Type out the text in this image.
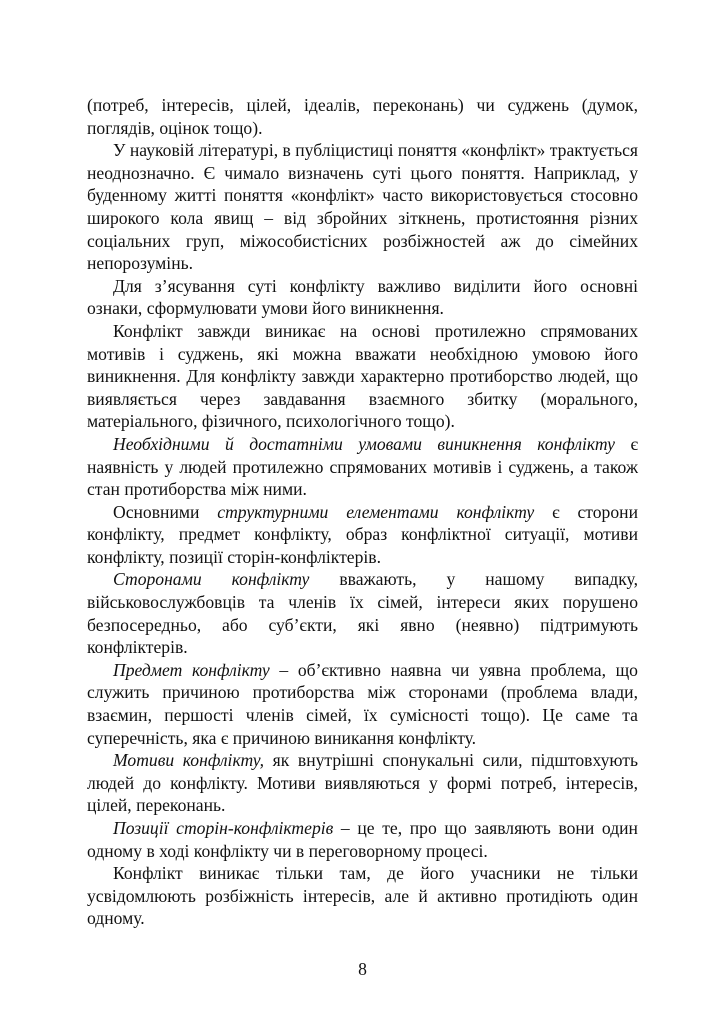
(потреб, інтересів, цілей, ідеалів, переконань) чи суджень (думок, поглядів, оцінок тощо).

У науковій літературі, в публіцистиці поняття «конфлікт» трактується неоднозначно. Є чимало визначень суті цього поняття. Наприклад, у буденному житті поняття «конфлікт» часто використовується стосовно широкого кола явищ – від збройних зіткнень, протистояння різних соціальних груп, міжособистісних розбіжностей аж до сімейних непорозумінь.

Для з’ясування суті конфлікту важливо виділити його основні ознаки, сформулювати умови його виникнення.

Конфлікт завжди виникає на основі протилежно спрямованих мотивів і суджень, які можна вважати необхідною умовою його виникнення. Для конфлікту завжди характерно протиборство людей, що виявляється через завдавання взаємного збитку (морального, матеріального, фізичного, психологічного тощо).

Необхідними й достатніми умовами виникнення конфлікту є наявність у людей протилежно спрямованих мотивів і суджень, а також стан протиборства між ними.

Основними структурними елементами конфлікту є сторони конфлікту, предмет конфлікту, образ конфліктної ситуації, мотиви конфлікту, позиції сторін-конфліктерів.

Сторонами конфлікту вважають, у нашому випадку, військовослужбовців та членів їх сімей, інтереси яких порушено безпосередньо, або суб’єкти, які явно (неявно) підтримують конфліктерів.

Предмет конфлікту – об’єктивно наявна чи уявна проблема, що служить причиною протиборства між сторонами (проблема влади, взаємин, першості членів сімей, їх сумісності тощо). Це саме та суперечність, яка є причиною виникання конфлікту.

Мотиви конфлікту, як внутрішні спонукальні сили, підштовхують людей до конфлікту. Мотиви виявляються у формі потреб, інтересів, цілей, переконань.

Позиції сторін-конфліктерів – це те, про що заявляють вони один одному в ході конфлікту чи в переговорному процесі.

Конфлікт виникає тільки там, де його учасники не тільки усвідомлюють розбіжність інтересів, але й активно протидіють один одному.

8
